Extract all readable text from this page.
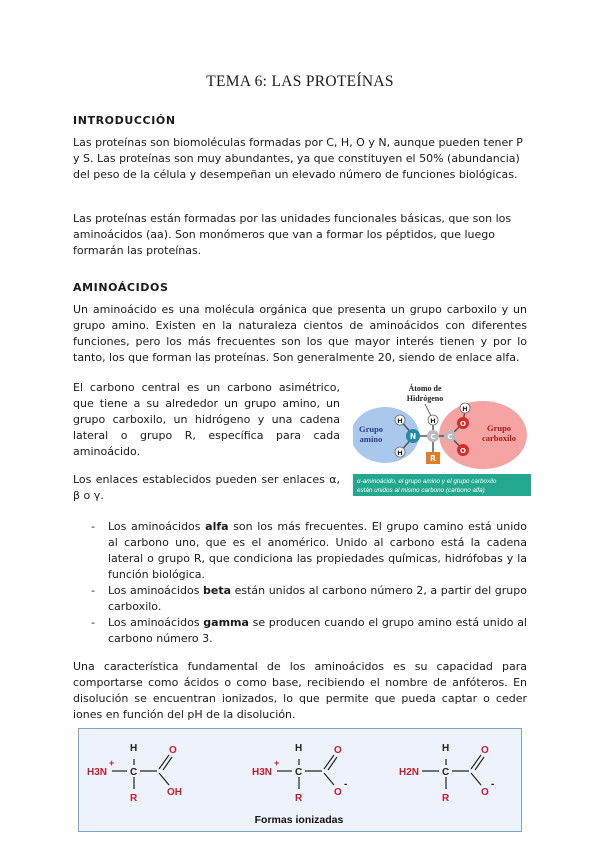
TEMA 6: LAS PROTEÍNAS
INTRODUCCIÓN
Las proteínas son biomoléculas formadas por C, H, O y N, aunque pueden tener P y S. Las proteínas son muy abundantes, ya que constituyen el 50% (abundancia) del peso de la célula y desempeñan un elevado número de funciones biológicas.
Las proteínas están formadas por las unidades funcionales básicas, que son los aminoácidos (aa). Son monómeros que van a formar los péptidos, que luego formarán las proteínas.
AMINOÁCIDOS
Un aminoácido es una molécula orgánica que presenta un grupo carboxilo y un grupo amino. Existen en la naturaleza cientos de aminoácidos con diferentes funciones, pero los más frecuentes son los que mayor interés tienen y por lo tanto, los que forman las proteínas. Son generalmente 20, siendo de enlace alfa.
El carbono central es un carbono asimétrico, que tiene a su alrededor un grupo amino, un grupo carboxilo, un hidrógeno y una cadena lateral o grupo R, específica para cada aminoácido.
Los enlaces establecidos pueden ser enlaces α, β o γ.
Átomo de
Hidrógeno
Grupo
amino
Grupo
carboxilo
H
H
N
H
C C
O
O
H
R
α-aminoácido, el grupo amino y el grupo carboxilo
están unidos al mismo carbono (carbono alfa)
- Los aminoácidos alfa son los más frecuentes. El grupo camino está unido al carbono uno, que es el anomérico. Unido al carbono está la cadena lateral o grupo R, que condiciona las propiedades químicas, hidrófobas y la función biológica.
- Los aminoácidos beta están unidos al carbono número 2, a partir del grupo carboxilo.
- Los aminoácidos gamma se producen cuando el grupo amino está unido al carbono número 3.
Una característica fundamental de los aminoácidos es su capacidad para comportarse como ácidos o como base, recibiendo el nombre de anfóteros. En disolución se encuentran ionizados, lo que permite que pueda captar o ceder iones en función del pH de la disolución.
H3N
+
C
H
R
O
OH
H3N
+
C
H
R
O
O
-
H2N C
H
R
O
O
-
Formas ionizadas
